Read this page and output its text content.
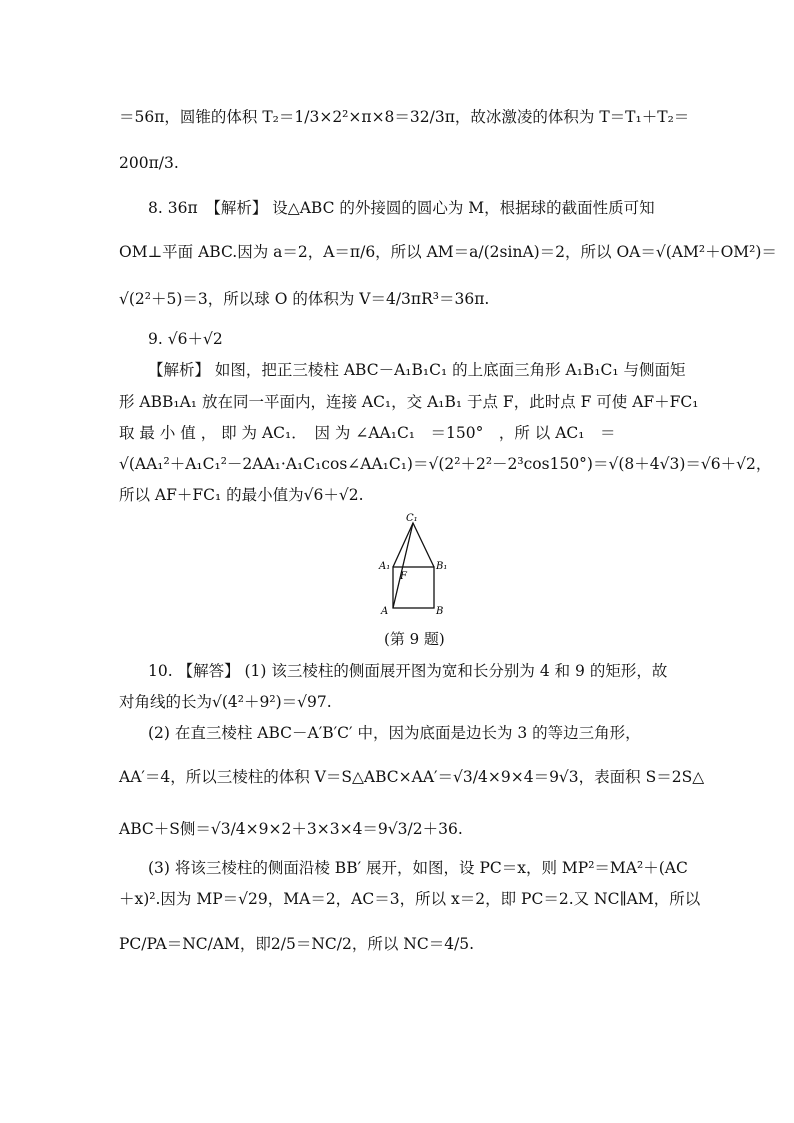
＝56π，圆锥的体积 T₂＝1/3×2²×π×8＝32/3π，故冰激凌的体积为 T＝T₁＋T₂＝
200π/3.
8. 36π　【解析】 设△ABC 的外接圆的圆心为 M，根据球的截面性质可知
OM⊥平面 ABC.因为 a＝2，A＝π/6，所以 AM＝a/(2sinA)＝2，所以 OA＝√(AM²＋OM²)＝
√(2²＋5)＝3，所以球 O 的体积为 V＝4/3πR³＝36π.
9. √6＋√2
【解析】 如图，把正三棱柱 ABC－A₁B₁C₁ 的上底面三角形 A₁B₁C₁ 与侧面矩
形 ABB₁A₁ 放在同一平面内，连接 AC₁，交 A₁B₁ 于点 F，此时点 F 可使 AF＋FC₁
取 最 小 值 ， 即 为 AC₁．　因 为 ∠AA₁C₁　＝150°　，所 以 AC₁　＝
√(AA₁²＋A₁C₁²－2AA₁·A₁C₁cos∠AA₁C₁)＝√(2²＋2²－2³cos150°)＝√(8＋4√3)＝√6＋√2，
所以 AF＋FC₁ 的最小值为√6＋√2.
C₁
A₁	B₁
A	B
F
(第 9 题)
10. 【解答】 (1) 该三棱柱的侧面展开图为宽和长分别为 4 和 9 的矩形，故
对角线的长为√(4²＋9²)＝√97.
(2) 在直三棱柱 ABC－A′B′C′ 中，因为底面是边长为 3 的等边三角形，
AA′＝4，所以三棱柱的体积 V＝S△ABC×AA′＝√3/4×9×4＝9√3，表面积 S＝2S△
ABC＋S侧＝√3/4×9×2＋3×3×4＝9√3/2＋36.
(3) 将该三棱柱的侧面沿棱 BB′ 展开，如图，设 PC＝x，则 MP²＝MA²＋(AC
＋x)².因为 MP＝√29，MA＝2，AC＝3，所以 x＝2，即 PC＝2.又 NC∥AM，所以
PC/PA＝NC/AM，即2/5＝NC/2，所以 NC＝4/5.
